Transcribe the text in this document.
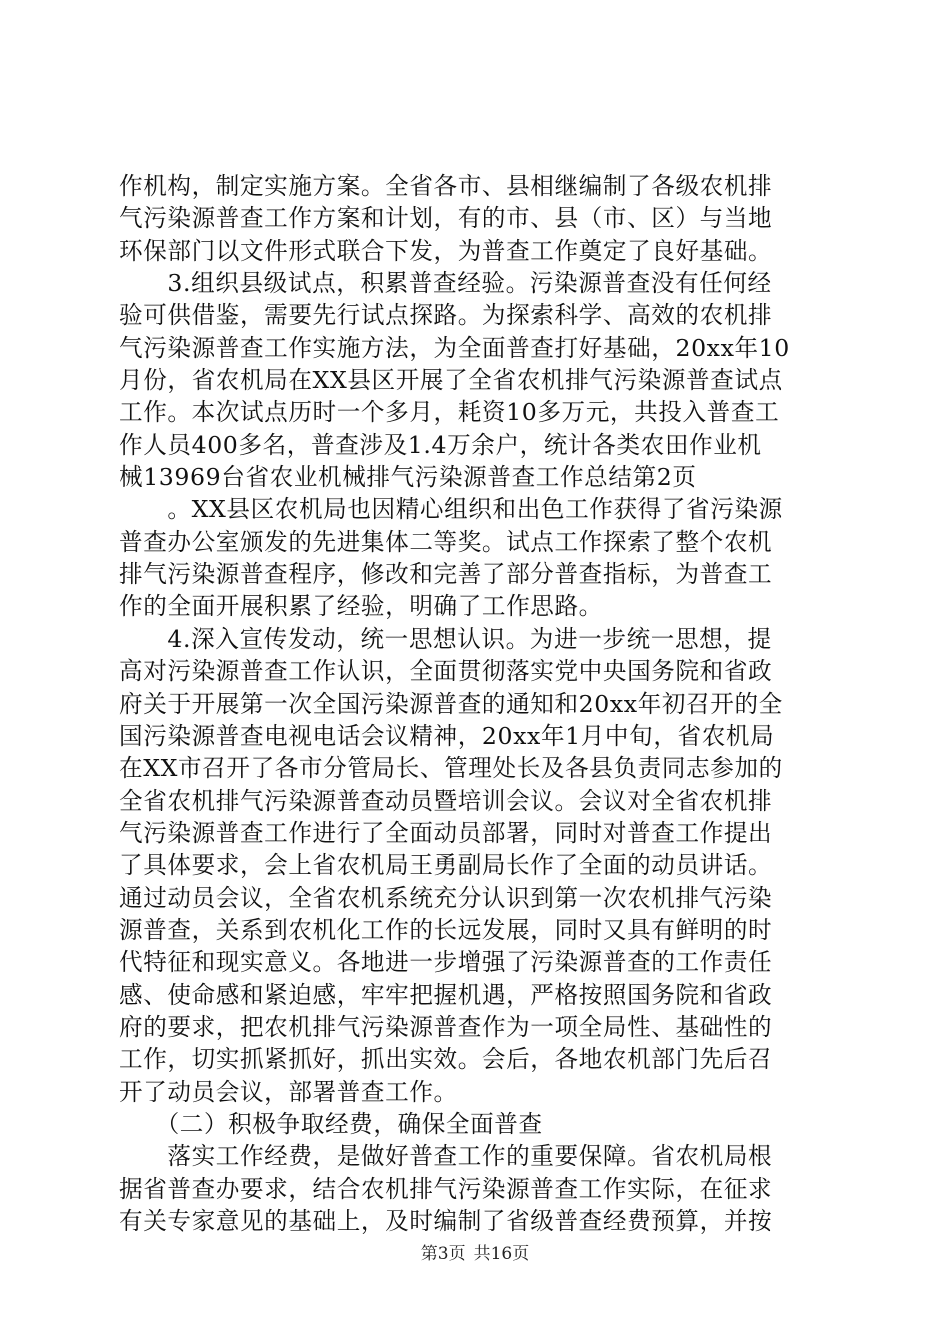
作机构，制定实施方案。全省各市、县相继编制了各级农机排
气污染源普查工作方案和计划，有的市、县（市、区）与当地
环保部门以文件形式联合下发，为普查工作奠定了良好基础。
　　3.组织县级试点，积累普查经验。污染源普查没有任何经
验可供借鉴，需要先行试点探路。为探索科学、高效的农机排
气污染源普查工作实施方法，为全面普查打好基础，20xx年10
月份，省农机局在XX县区开展了全省农机排气污染源普查试点
工作。本次试点历时一个多月，耗资10多万元，共投入普查工
作人员400多名，普查涉及1.4万余户，统计各类农田作业机
械13969台省农业机械排气污染源普查工作总结第2页
　　。XX县区农机局也因精心组织和出色工作获得了省污染源
普查办公室颁发的先进集体二等奖。试点工作探索了整个农机
排气污染源普查程序，修改和完善了部分普查指标，为普查工
作的全面开展积累了经验，明确了工作思路。
　　4.深入宣传发动，统一思想认识。为进一步统一思想，提
高对污染源普查工作认识，全面贯彻落实党中央国务院和省政
府关于开展第一次全国污染源普查的通知和20xx年初召开的全
国污染源普查电视电话会议精神，20xx年1月中旬，省农机局
在XX市召开了各市分管局长、管理处长及各县负责同志参加的
全省农机排气污染源普查动员暨培训会议。会议对全省农机排
气污染源普查工作进行了全面动员部署，同时对普查工作提出
了具体要求，会上省农机局王勇副局长作了全面的动员讲话。
通过动员会议，全省农机系统充分认识到第一次农机排气污染
源普查，关系到农机化工作的长远发展，同时又具有鲜明的时
代特征和现实意义。各地进一步增强了污染源普查的工作责任
感、使命感和紧迫感，牢牢把握机遇，严格按照国务院和省政
府的要求，把农机排气污染源普查作为一项全局性、基础性的
工作，切实抓紧抓好，抓出实效。会后，各地农机部门先后召
开了动员会议，部署普查工作。
　　（二）积极争取经费，确保全面普查
　　落实工作经费，是做好普查工作的重要保障。省农机局根
据省普查办要求，结合农机排气污染源普查工作实际，在征求
有关专家意见的基础上，及时编制了省级普查经费预算，并按
第3页 共16页
